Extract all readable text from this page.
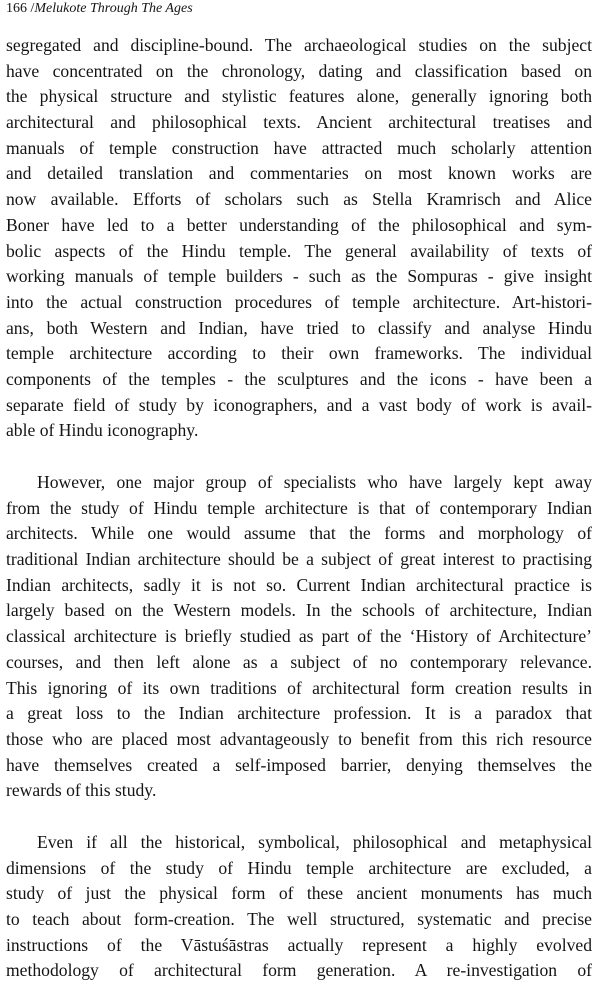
166 /Melukote Through The Ages
segregated and discipline-bound. The archaeological studies on the subject
have concentrated on the chronology, dating and classification based on
the physical structure and stylistic features alone, generally ignoring both
architectural and philosophical texts. Ancient architectural treatises and
manuals of temple construction have attracted much scholarly attention
and detailed translation and commentaries on most known works are
now available. Efforts of scholars such as Stella Kramrisch and Alice
Boner have led to a better understanding of the philosophical and sym-
bolic aspects of the Hindu temple. The general availability of texts of
working manuals of temple builders - such as the Sompuras - give insight
into the actual construction procedures of temple architecture. Art-histori-
ans, both Western and Indian, have tried to classify and analyse Hindu
temple architecture according to their own frameworks. The individual
components of the temples - the sculptures and the icons - have been a
separate field of study by iconographers, and a vast body of work is avail-
able of Hindu iconography.
However, one major group of specialists who have largely kept away
from the study of Hindu temple architecture is that of contemporary Indian
architects. While one would assume that the forms and morphology of
traditional Indian architecture should be a subject of great interest to practising
Indian architects, sadly it is not so. Current Indian architectural practice is
largely based on the Western models. In the schools of architecture, Indian
classical architecture is briefly studied as part of the ‘History of Architecture’
courses, and then left alone as a subject of no contemporary relevance.
This ignoring of its own traditions of architectural form creation results in
a great loss to the Indian architecture profession. It is a paradox that
those who are placed most advantageously to benefit from this rich resource
have themselves created a self-imposed barrier, denying themselves the
rewards of this study.
Even if all the historical, symbolical, philosophical and metaphysical
dimensions of the study of Hindu temple architecture are excluded, a
study of just the physical form of these ancient monuments has much
to teach about form-creation. The well structured, systematic and precise
instructions of the Vāstuśāstras actually represent a highly evolved
methodology of architectural form generation. A re-investigation of
